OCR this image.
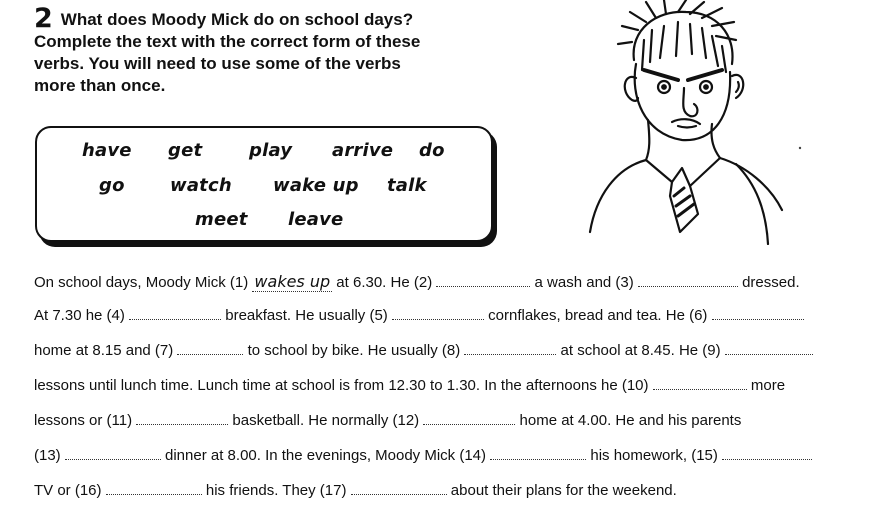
2 What does Moody Mick do on school days?
Complete the text with the correct form of these
verbs. You will need to use some of the verbs
more than once.
have get	play arrive do
go	watch wake up talk
meet leave
On school days, Moody Mick (1) wakes up at 6.30. He (2)	a wash and (3)	dressed.
At 7.30 he (4)	breakfast. He usually (5)	cornflakes, bread and tea. He (6)
home at 8.15 and (7)	to school by bike. He usually (8)	at school at 8.45. He (9)
lessons until lunch time. Lunch time at school is from 12.30 to 1.30. In the afternoons he (10)	more
lessons or (11)	basketball. He normally (12)	home at 4.00. He and his parents
(13)	dinner at 8.00. In the evenings, Moody Mick (14)	his homework, (15)
TV or (16)	his friends. They (17)	about their plans for the weekend.
